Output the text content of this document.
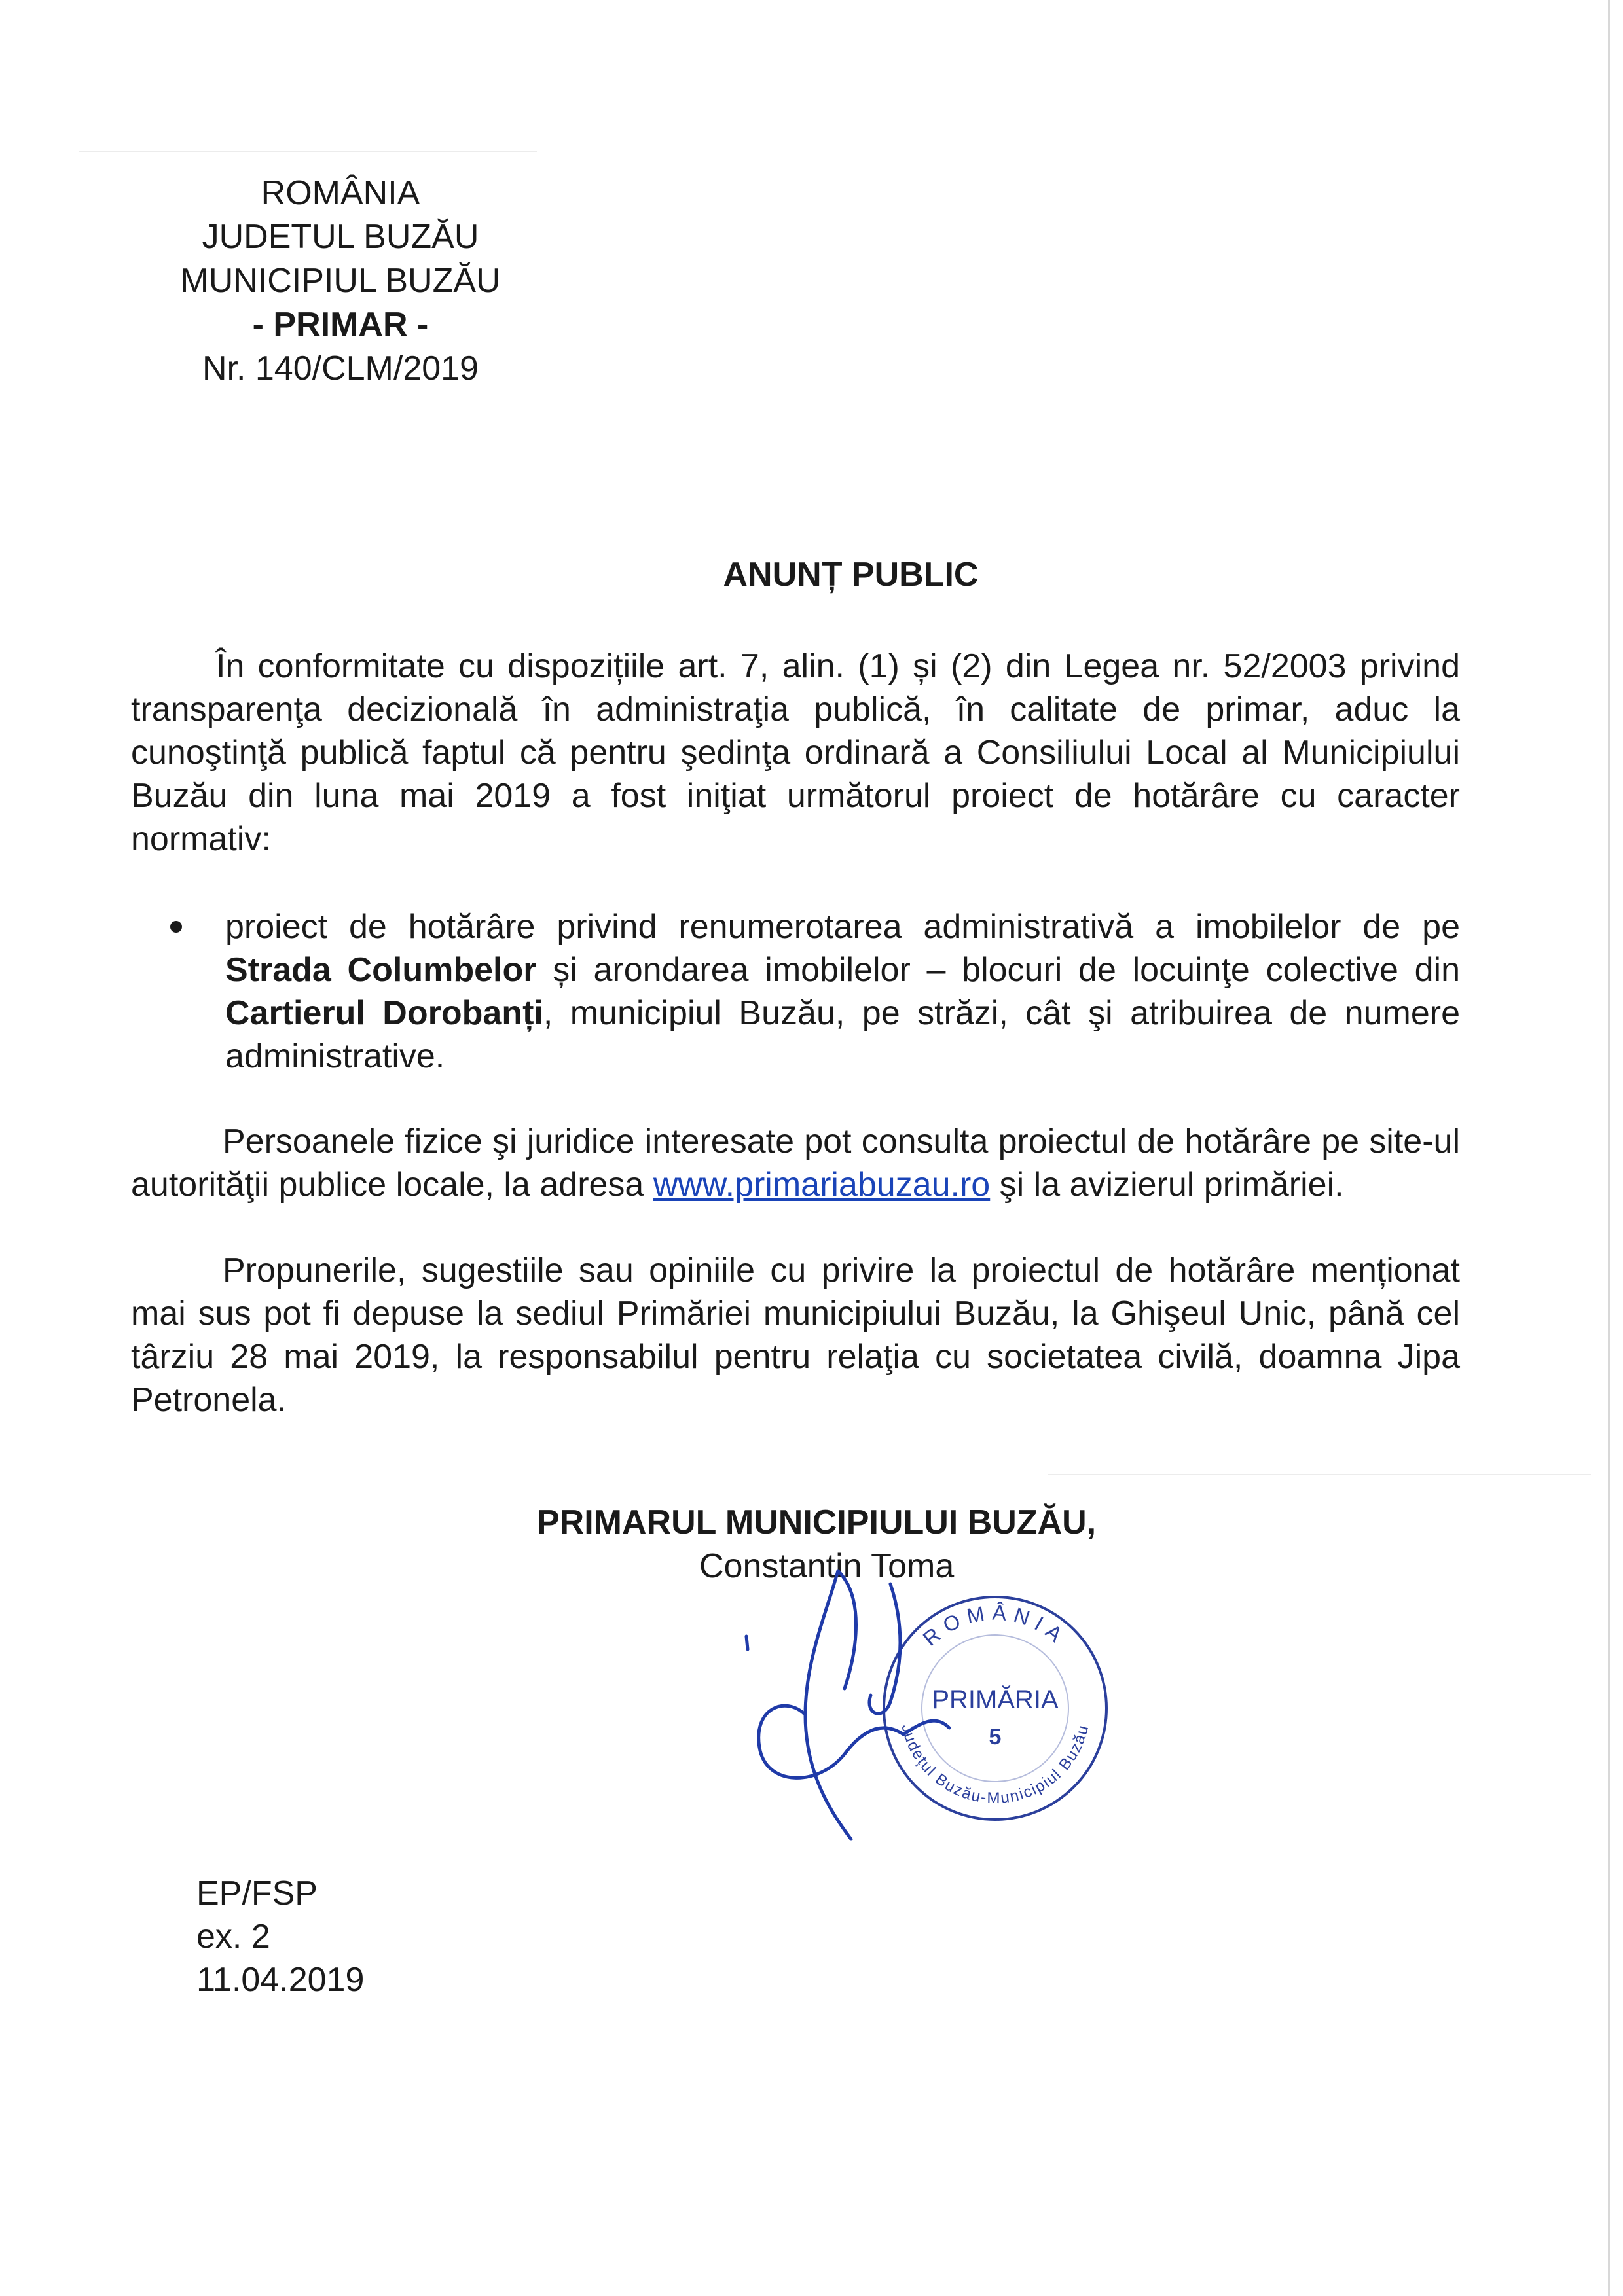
ROMÂNIA
JUDETUL BUZĂU
MUNICIPIUL BUZĂU
- PRIMAR -
Nr. 140/CLM/2019
ANUNȚ PUBLIC
În conformitate cu dispozițiile art. 7, alin. (1) și (2) din Legea nr. 52/2003 privind transparenţa decizională în administraţia publică, în calitate de primar, aduc la cunoştinţă publică faptul că pentru şedinţa ordinară a Consiliului Local al Municipiului Buzău din luna mai 2019 a fost iniţiat următorul proiect de hotărâre cu caracter normativ:
proiect de hotărâre privind renumerotarea administrativă a imobilelor de pe Strada Columbelor și arondarea imobilelor – blocuri de locuinţe colective din Cartierul Dorobanți, municipiul Buzău, pe străzi, cât şi atribuirea de numere administrative.
Persoanele fizice şi juridice interesate pot consulta proiectul de hotărâre pe site-ul autorităţii publice locale, la adresa www.primariabuzau.ro şi la avizierul primăriei.
Propunerile, sugestiile sau opiniile cu privire la proiectul de hotărâre menționat mai sus pot fi depuse la sediul Primăriei municipiului Buzău, la Ghişeul Unic, până cel târziu 28 mai 2019, la responsabilul pentru relaţia cu societatea civilă, doamna Jipa Petronela.
PRIMARUL MUNICIPIULUI BUZĂU,
Constantin Toma
ROMÂNIA
Județul Buzău-Municipiul Buzău
PRIMĂRIA
5
EP/FSP
ex. 2
11.04.2019
